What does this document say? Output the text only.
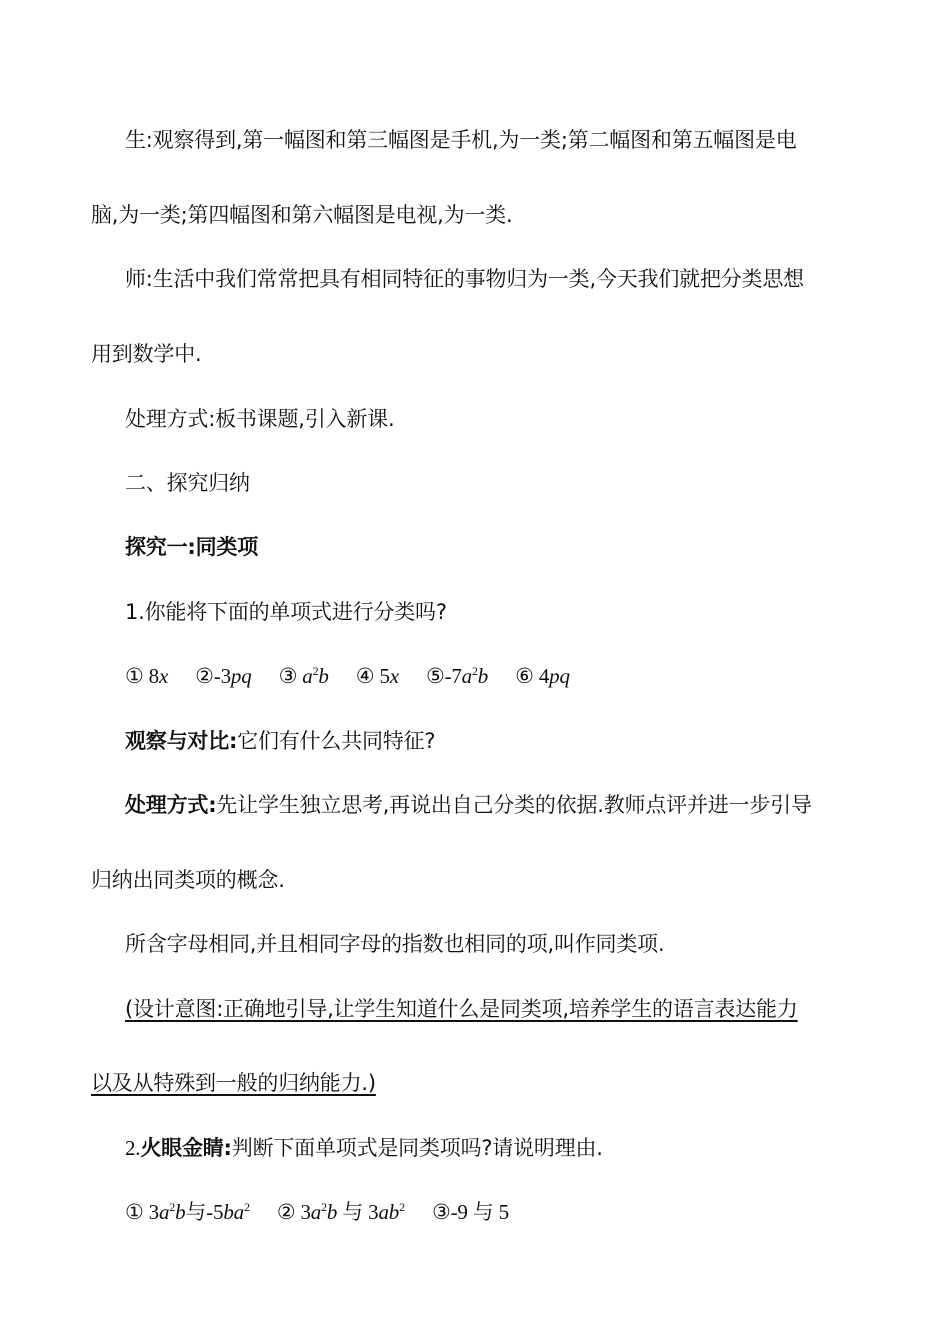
生:观察得到,第一幅图和第三幅图是手机,为一类;第二幅图和第五幅图是电
脑,为一类;第四幅图和第六幅图是电视,为一类.
师:生活中我们常常把具有相同特征的事物归为一类,今天我们就把分类思想
用到数学中.
处理方式:板书课题,引入新课.
二、探究归纳
探究一:同类项
1.你能将下面的单项式进行分类吗?
① 8x ②-3pq ③ $a^2b$ ④ 5x $⑤-7a^2b$ ⑥ 4pq
观察与对比:它们有什么共同特征?
处理方式:先让学生独立思考,再说出自己分类的依据.教师点评并进一步引导
归纳出同类项的概念.
所含字母相同,并且相同字母的指数也相同的项,叫作同类项.
(设计意图:正确地引导,让学生知道什么是同类项,培养学生的语言表达能力
以及从特殊到一般的归纳能力.)
2.火眼金睛:判断下面单项式是同类项吗?请说明理由.
① $3a^2b$与$-5ba^2$ ② $3a^2b$ 与 $3ab^2$ ③-9 与 5
